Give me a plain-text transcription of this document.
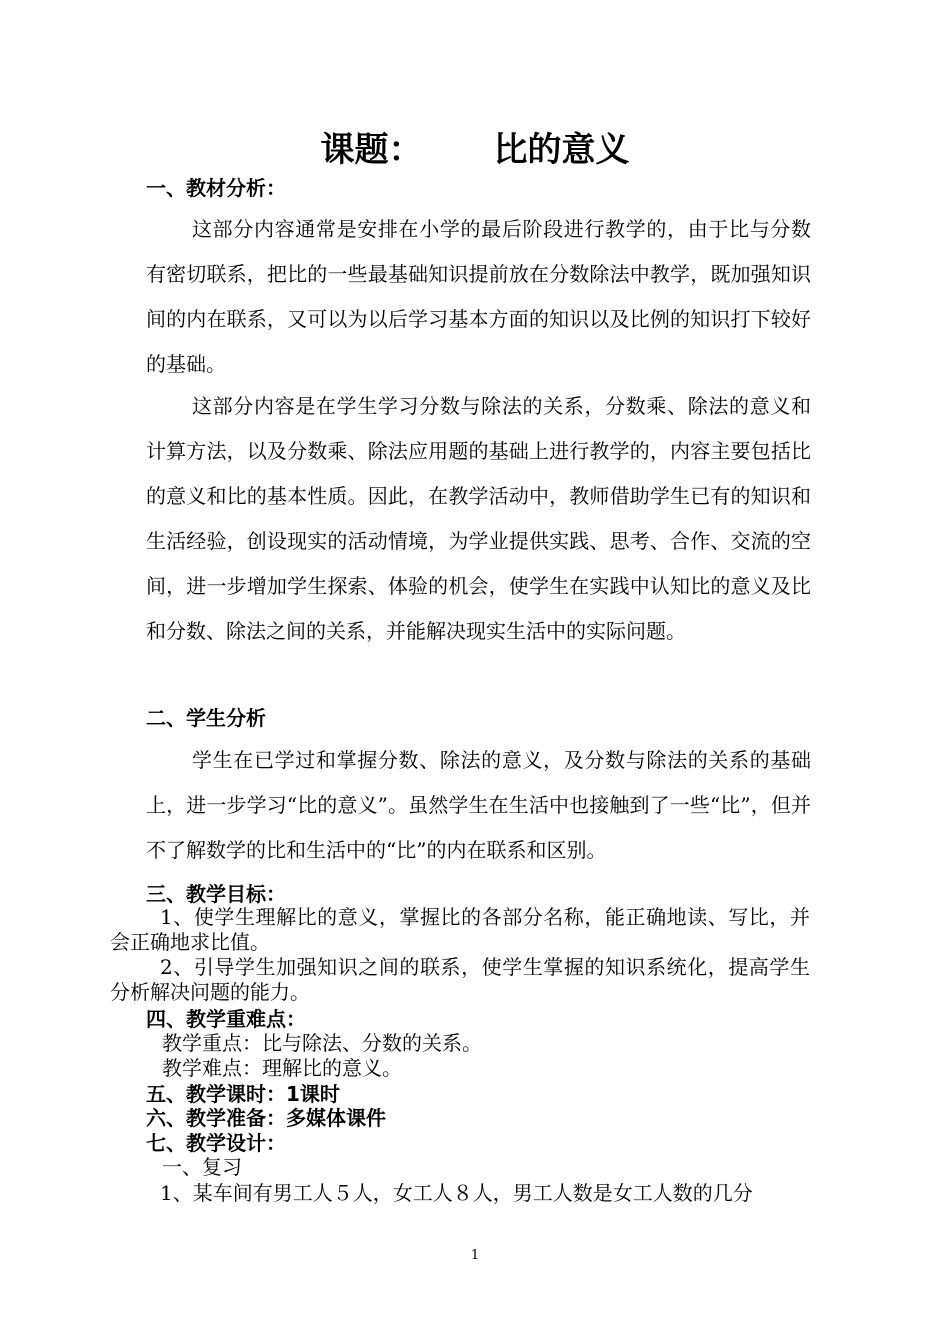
课题：      比的意义
一、教材分析：
这部分内容通常是安排在小学的最后阶段进行教学的，由于比与分数有密切联系，把比的一些最基础知识提前放在分数除法中教学，既加强知识间的内在联系，又可以为以后学习基本方面的知识以及比例的知识打下较好的基础。
这部分内容是在学生学习分数与除法的关系，分数乘、除法的意义和计算方法，以及分数乘、除法应用题的基础上进行教学的，内容主要包括比的意义和比的基本性质。因此，在教学活动中，教师借助学生已有的知识和生活经验，创设现实的活动情境，为学业提供实践、思考、合作、交流的空间，进一步增加学生探索、体验的机会，使学生在实践中认知比的意义及比和分数、除法之间的关系，并能解决现实生活中的实际问题。
二、学生分析
学生在已学过和掌握分数、除法的意义，及分数与除法的关系的基础上，进一步学习“比的意义”。虽然学生在生活中也接触到了一些“比”，但并不了解数学的比和生活中的“比”的内在联系和区别。
三、教学目标：
1、使学生理解比的意义，掌握比的各部分名称，能正确地读、写比，并会正确地求比值。
2、引导学生加强知识之间的联系，使学生掌握的知识系统化，提高学生分析解决问题的能力。
四、教学重难点：
教学重点：比与除法、分数的关系。
教学难点：理解比的意义。
五、教学课时：1课时
六、教学准备：多媒体课件
七、教学设计：
一、复习
1、某车间有男工人５人，女工人８人，男工人数是女工人数的几分
1
